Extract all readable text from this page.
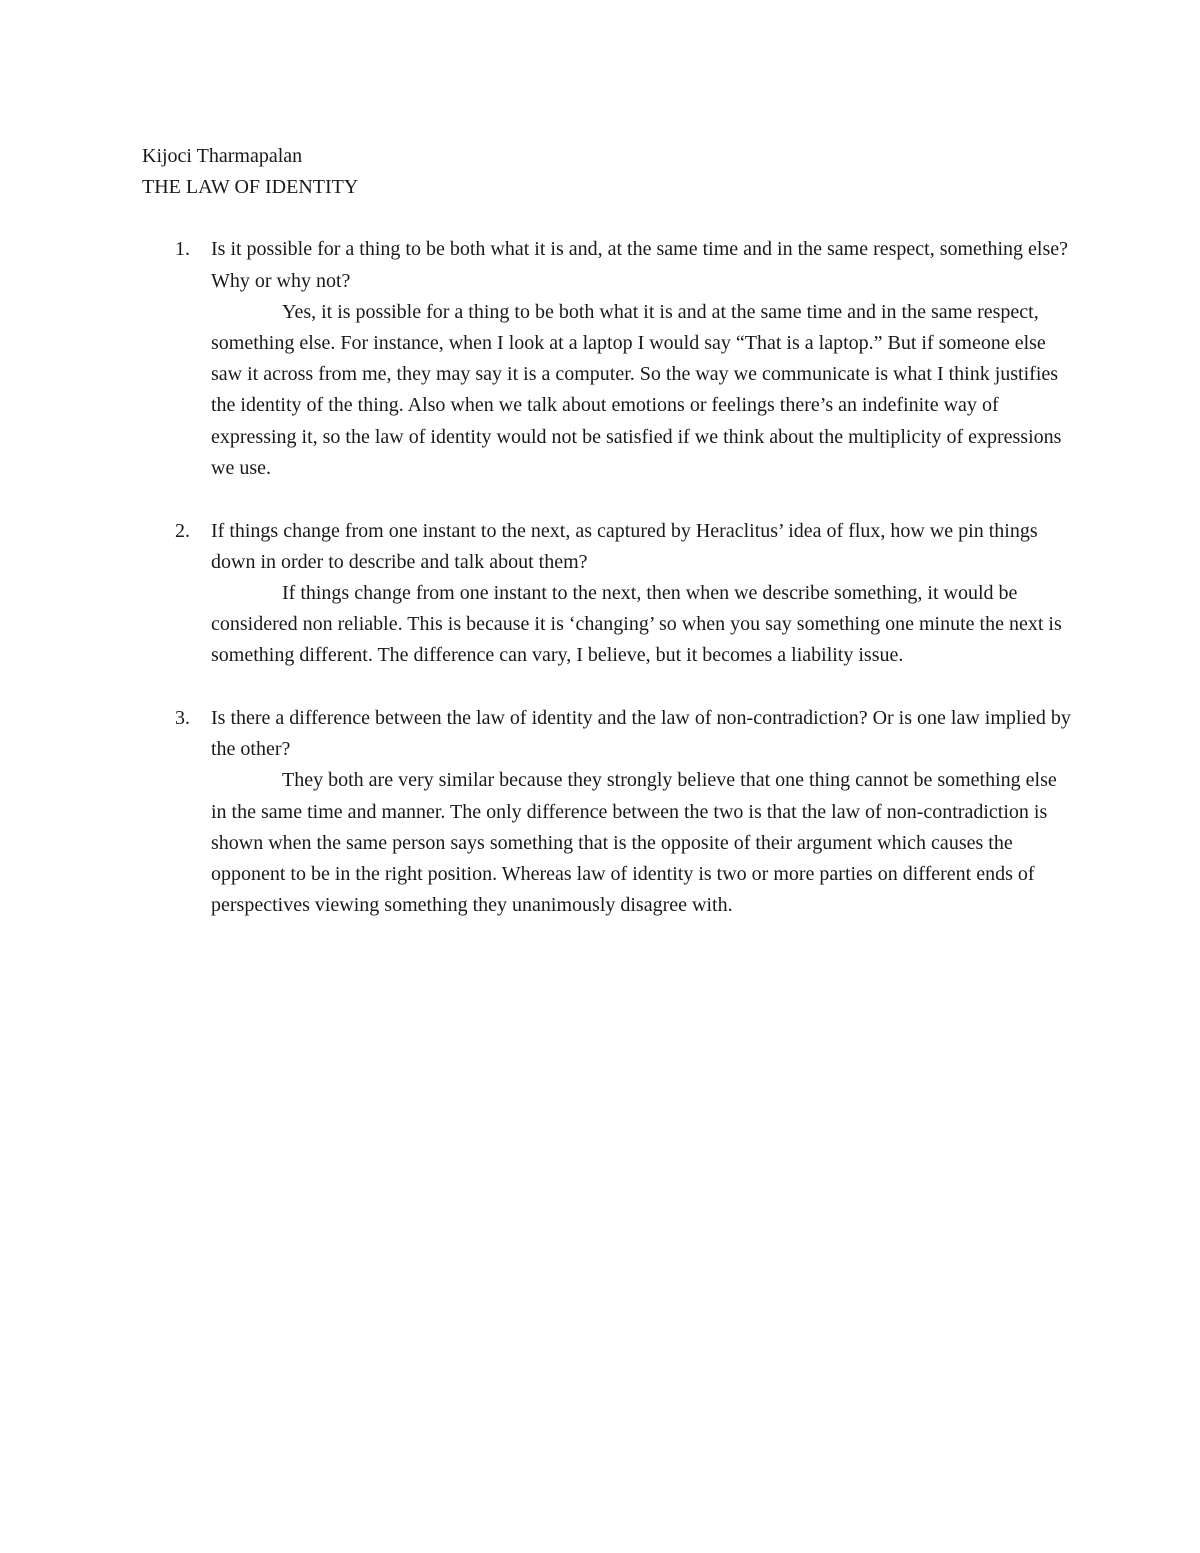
Kijoci Tharmapalan

THE LAW OF IDENTITY

1. Is it possible for a thing to be both what it is and, at the same time and in the same respect, something else? Why or why not?

Yes, it is possible for a thing to be both what it is and at the same time and in the same respect, something else. For instance, when I look at a laptop I would say “That is a laptop.” But if someone else saw it across from me, they may say it is a computer. So the way we communicate is what I think justifies the identity of the thing. Also when we talk about emotions or feelings there’s an indefinite way of expressing it, so the law of identity would not be satisfied if we think about the multiplicity of expressions we use.

2. If things change from one instant to the next, as captured by Heraclitus’ idea of flux, how we pin things down in order to describe and talk about them?

If things change from one instant to the next, then when we describe something, it would be considered non reliable. This is because it is ‘changing’ so when you say something one minute the next is something different. The difference can vary, I believe, but it becomes a liability issue.

3. Is there a difference between the law of identity and the law of non-contradiction? Or is one law implied by the other?

They both are very similar because they strongly believe that one thing cannot be something else in the same time and manner. The only difference between the two is that the law of non-contradiction is shown when the same person says something that is the opposite of their argument which causes the opponent to be in the right position. Whereas law of identity is two or more parties on different ends of perspectives viewing something they unanimously disagree with.
